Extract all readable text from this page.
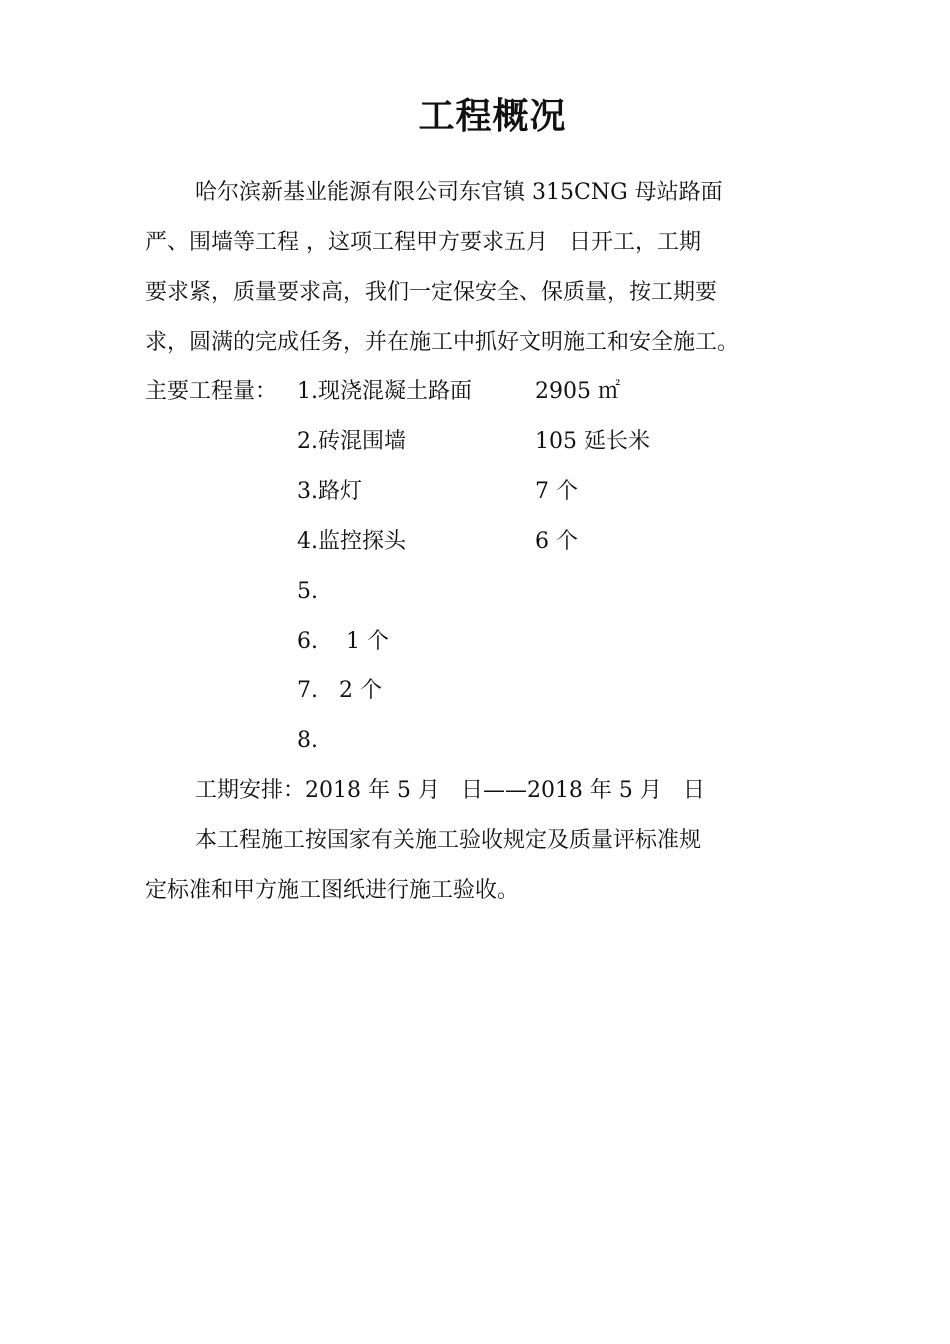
工程概况
哈尔滨新基业能源有限公司东官镇 315CNG 母站路面
严、围墙等工程 ，这项工程甲方要求五月   日开工，工期
要求紧，质量要求高，我们一定保安全、保质量，按工期要
求，圆满的完成任务，并在施工中抓好文明施工和安全施工。
主要工程量： 1.现浇混凝土路面	2905 ㎡
2.砖混围墙	105 延长米
3.路灯	7 个
4.监控探头	6 个
5.
6.    1 个
7.   2 个
8.
工期安排：2018 年 5 月   日——2018 年 5 月   日
本工程施工按国家有关施工验收规定及质量评标准规
定标准和甲方施工图纸进行施工验收。
